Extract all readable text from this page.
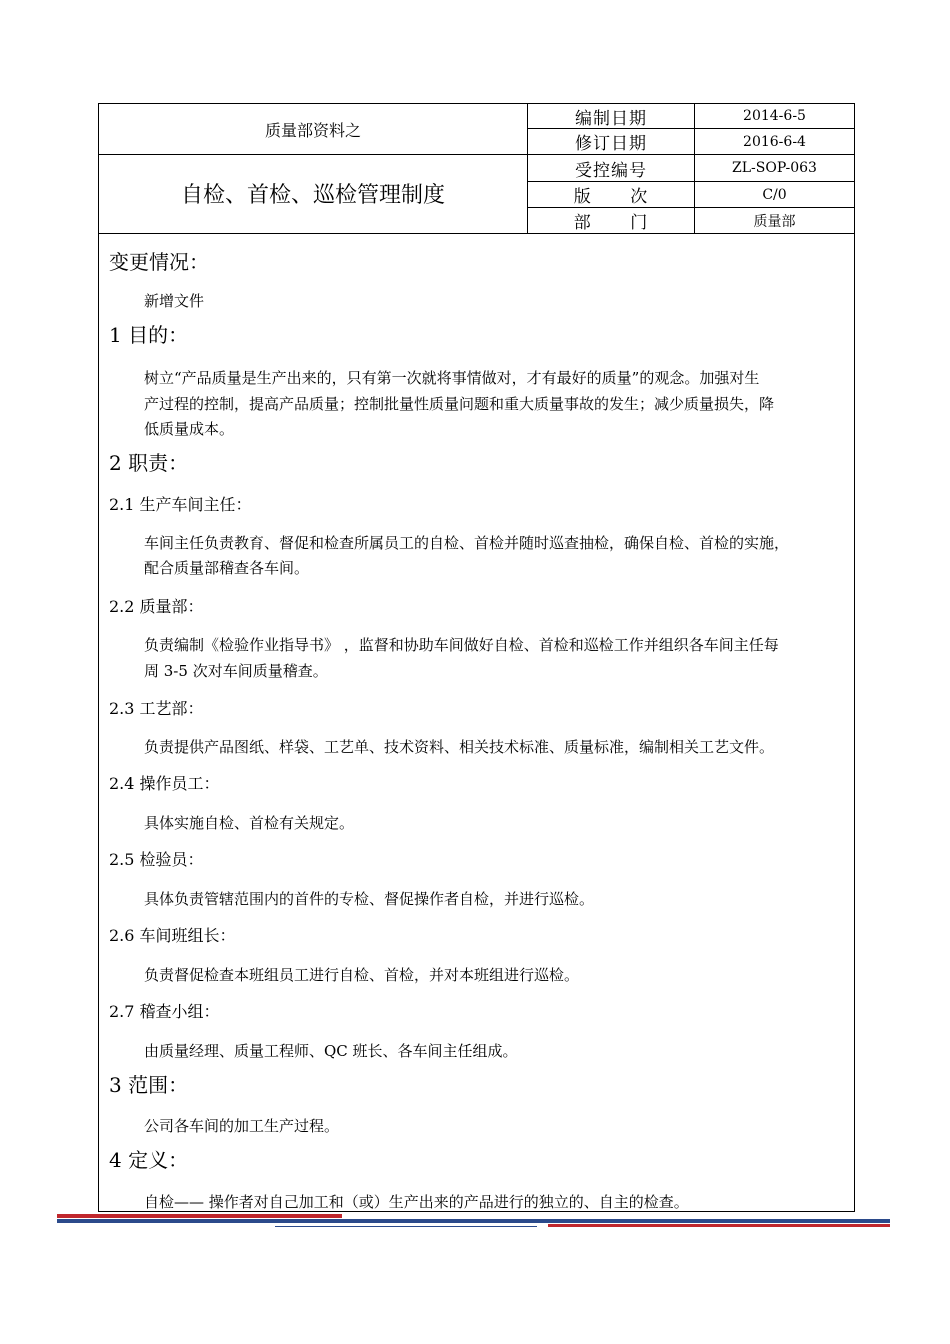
质量部资料之
自检、首检、巡检管理制度
编制日期	2014-6-5
修订日期	2016-6-4
受控编号	ZL-SOP-063
版      次	C/0
部      门	质量部
变更情况：
新增文件
1 目的：
树立“产品质量是生产出来的，只有第一次就将事情做对，才有最好的质量”的观念。加强对生
产过程的控制，提高产品质量；控制批量性质量问题和重大质量事故的发生；减少质量损失，降
低质量成本。
2 职责：
2.1 生产车间主任：
车间主任负责教育、督促和检查所属员工的自检、首检并随时巡查抽检，确保自检、首检的实施，
配合质量部稽查各车间。
2.2 质量部：
负责编制《检验作业指导书》 ，监督和协助车间做好自检、首检和巡检工作并组织各车间主任每
周 3-5 次对车间质量稽查。
2.3 工艺部：
负责提供产品图纸、样袋、工艺单、技术资料、相关技术标准、质量标准，编制相关工艺文件。
2.4 操作员工：
具体实施自检、首检有关规定。
2.5 检验员：
具体负责管辖范围内的首件的专检、督促操作者自检，并进行巡检。
2.6 车间班组长：
负责督促检查本班组员工进行自检、首检，并对本班组进行巡检。
2.7 稽查小组：
由质量经理、质量工程师、QC 班长、各车间主任组成。
3 范围：
公司各车间的加工生产过程。
4 定义：
自检—— 操作者对自己加工和（或）生产出来的产品进行的独立的、自主的检查。
